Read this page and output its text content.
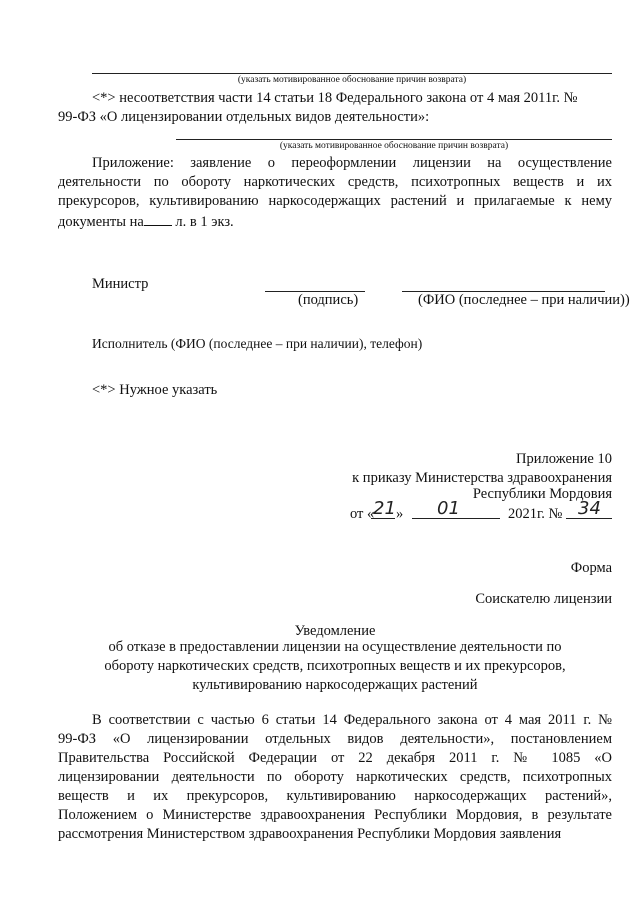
(указать мотивированное обоснование причин возврата)
<*> несоответствия части 14 статьи 18 Федерального закона от 4 мая 2011г. №
99-ФЗ «О лицензировании отдельных видов деятельности»:
(указать мотивированное обоснование причин возврата)
Приложение: заявление о переоформлении лицензии на осуществление
деятельности по обороту наркотических средств, психотропных веществ и их
прекурсоров, культивированию наркосодержащих растений и прилагаемые к нему
документы на л. в 1 экз.
Министр
(подпись)	(ФИО (последнее – при наличии))
Исполнитель (ФИО (последнее – при наличии), телефон)
<*> Нужное указать
Приложение 10
к приказу Министерства здравоохранения
Республики Мордовия
от «
21 » 01	2021г. № 34
Форма
Соискателю лицензии
Уведомление
об отказе в предоставлении лицензии на осуществление деятельности по
обороту наркотических средств, психотропных веществ и их прекурсоров,
культивированию наркосодержащих растений
В соответствии с частью 6 статьи 14 Федерального закона от 4 мая 2011 г. №
99-ФЗ «О лицензировании отдельных видов деятельности», постановлением
Правительства Российской Федерации от 22 декабря 2011 г. № 1085 «О
лицензировании деятельности по обороту наркотических средств, психотропных
веществ и их прекурсоров, культивированию наркосодержащих растений»,
Положением о Министерстве здравоохранения Республики Мордовия, в результате
рассмотрения Министерством здравоохранения Республики Мордовия заявления
